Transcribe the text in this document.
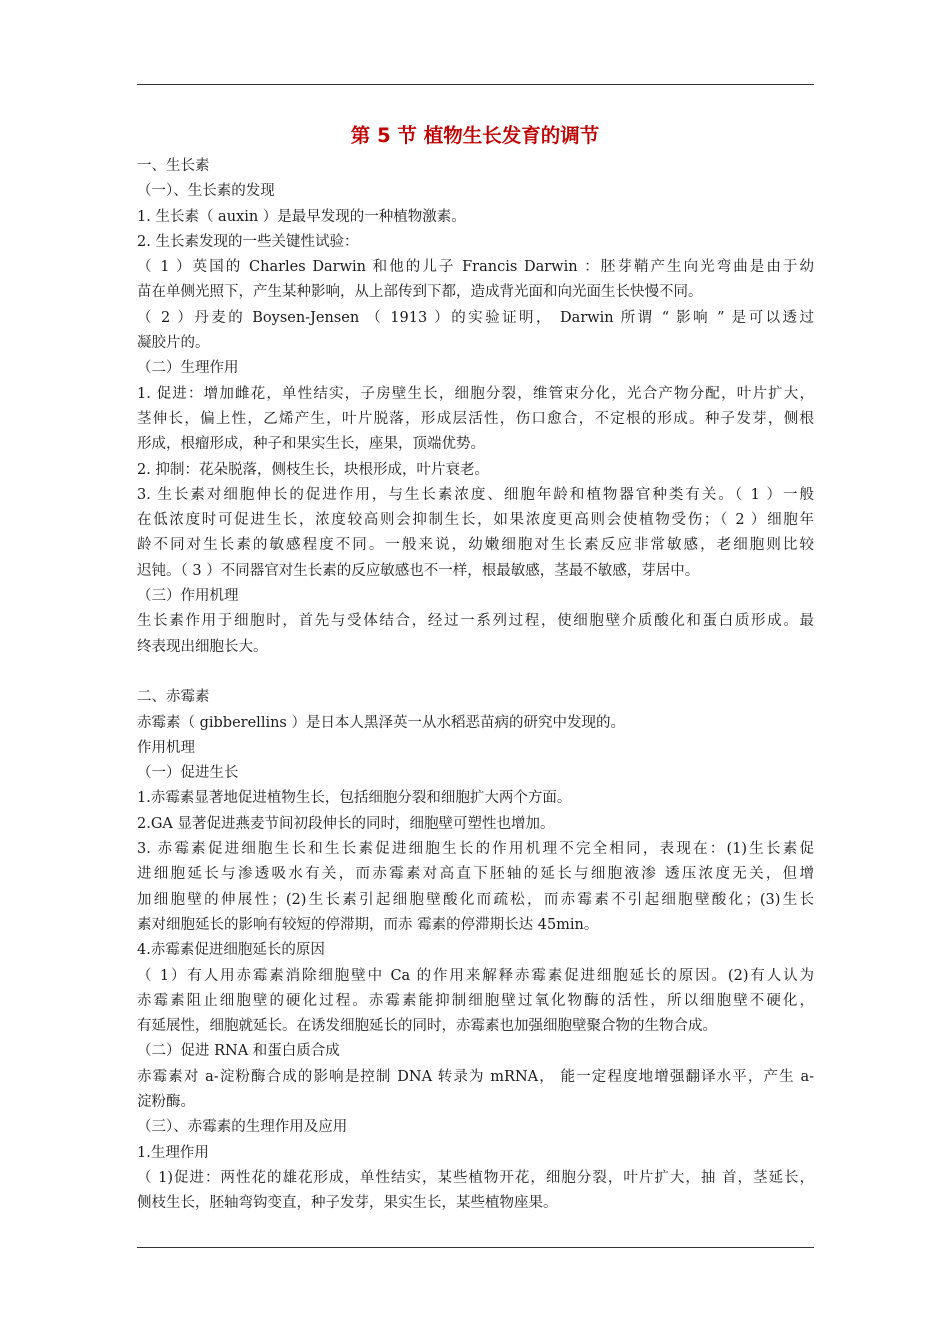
第 5 节 植物生长发育的调节
一、生长素
（一）、生长素的发现
1. 生长素（ auxin ）是最早发现的一种植物激素。
2. 生长素发现的一些关键性试验：
（ 1 ）英国的 Charles Darwin 和他的儿子 Francis Darwin ：胚芽鞘产生向光弯曲是由于幼
苗在单侧光照下，产生某种影响，从上部传到下都，造成背光面和向光面生长快慢不同。
（ 2 ）丹麦的 Boysen-Jensen （ 1913 ）的实验证明， Darwin 所谓 “ 影响 ” 是可以透过
凝胶片的。
（二）生理作用
1. 促进：增加雌花，单性结实，子房壁生长，细胞分裂，维管束分化，光合产物分配，叶片扩大，
茎伸长，偏上性，乙烯产生，叶片脱落，形成层活性，伤口愈合，不定根的形成。种子发芽，侧根
形成，根瘤形成，种子和果实生长，座果，顶端优势。
2. 抑制：花朵脱落，侧枝生长，块根形成，叶片衰老。
3. 生长素对细胞伸长的促进作用，与生长素浓度、细胞年龄和植物器官种类有关。（ 1 ）一般
在低浓度时可促进生长，浓度较高则会抑制生长，如果浓度更高则会使植物受伤；（ 2 ）细胞年
龄不同对生长素的敏感程度不同。一般来说，幼嫩细胞对生长素反应非常敏感，老细胞则比较
迟钝。（ 3 ）不同器官对生长素的反应敏感也不一样，根最敏感，茎最不敏感，芽居中。
（三）作用机理
生长素作用于细胞时，首先与受体结合，经过一系列过程，使细胞壁介质酸化和蛋白质形成。最
终表现出细胞长大。
二、赤霉素
赤霉素（ gibberellins ）是日本人黑泽英一从水稻恶苗病的研究中发现的。
作用机理
（一）促进生长
1.赤霉素显著地促进植物生长，包括细胞分裂和细胞扩大两个方面。
2.GA 显著促进燕麦节间初段伸长的同时，细胞壁可塑性也增加。
3. 赤霉素促进细胞生长和生长素促进细胞生长的作用机理不完全相同，表现在：(1)生长素促
进细胞延长与渗透吸水有关，而赤霉素对高直下胚轴的延长与细胞液渗 透压浓度无关，但增
加细胞壁的伸展性；(2)生长素引起细胞壁酸化而疏松，而赤霉素不引起细胞壁酸化；(3)生长
素对细胞延长的影响有较短的停滞期，而赤 霉素的停滞期长达 45min。
4.赤霉素促进细胞延长的原因
（ 1）有人用赤霉素消除细胞壁中 Ca 的作用来解释赤霉素促进细胞延长的原因。(2)有人认为
赤霉素阻止细胞壁的硬化过程。赤霉素能抑制细胞壁过氧化物酶的活性，所以细胞壁不硬化，
有延展性，细胞就延长。在诱发细胞延长的同时，赤霉素也加强细胞壁聚合物的生物合成。
（二）促进 RNA 和蛋白质合成
赤霉素对 a-淀粉酶合成的影响是控制 DNA 转录为 mRNA， 能一定程度地增强翻译水平，产生 a-
淀粉酶。
（三）、赤霉素的生理作用及应用
1.生理作用
（ 1)促进：两性花的雄花形成，单性结实，某些植物开花，细胞分裂，叶片扩大，抽 首，茎延长，
侧枝生长，胚轴弯钩变直，种子发芽，果实生长，某些植物座果。
